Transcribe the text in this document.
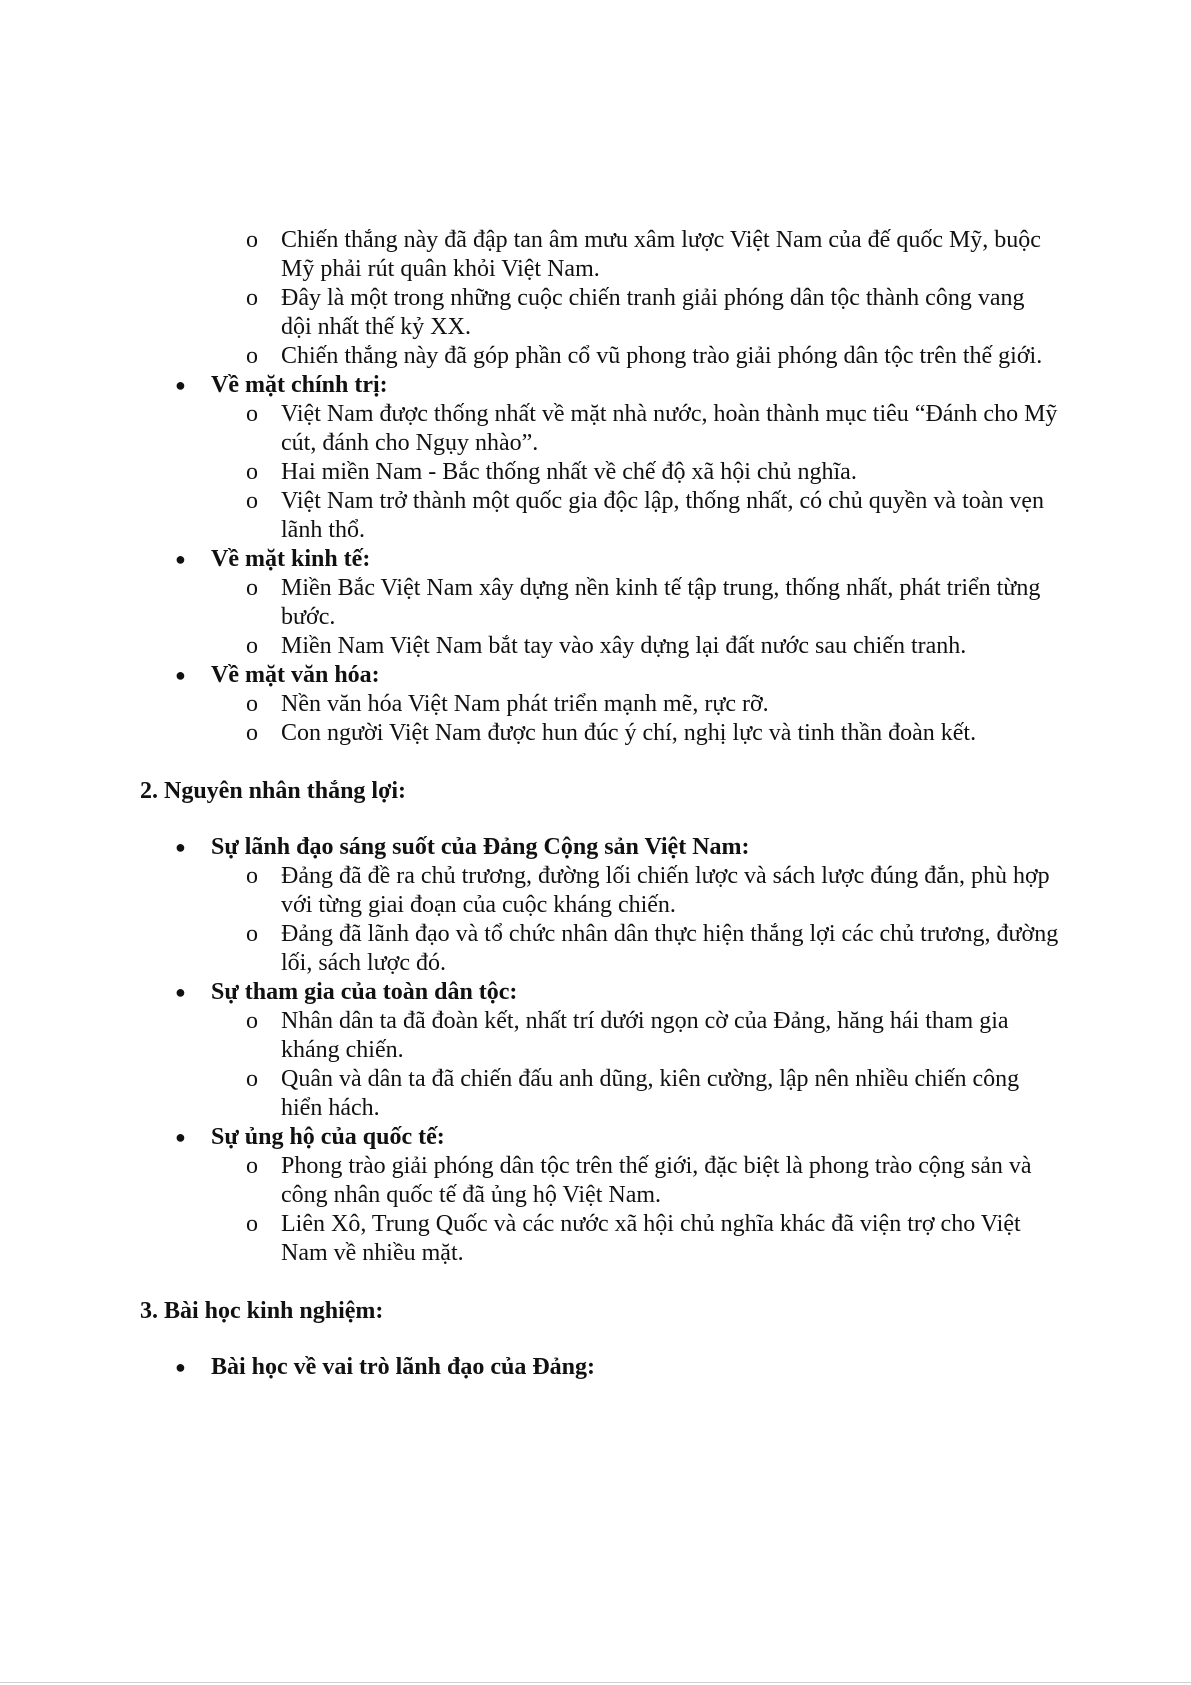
o Chiến thắng này đã đập tan âm mưu xâm lược Việt Nam của đế quốc Mỹ, buộc Mỹ phải rút quân khỏi Việt Nam.
o Đây là một trong những cuộc chiến tranh giải phóng dân tộc thành công vang dội nhất thế kỷ XX.
o Chiến thắng này đã góp phần cổ vũ phong trào giải phóng dân tộc trên thế giới.
● Về mặt chính trị:
o Việt Nam được thống nhất về mặt nhà nước, hoàn thành mục tiêu “Đánh cho Mỹ cút, đánh cho Ngụy nhào”.
o Hai miền Nam - Bắc thống nhất về chế độ xã hội chủ nghĩa.
o Việt Nam trở thành một quốc gia độc lập, thống nhất, có chủ quyền và toàn vẹn lãnh thổ.
● Về mặt kinh tế:
o Miền Bắc Việt Nam xây dựng nền kinh tế tập trung, thống nhất, phát triển từng bước.
o Miền Nam Việt Nam bắt tay vào xây dựng lại đất nước sau chiến tranh.
● Về mặt văn hóa:
o Nền văn hóa Việt Nam phát triển mạnh mẽ, rực rỡ.
o Con người Việt Nam được hun đúc ý chí, nghị lực và tinh thần đoàn kết.
2. Nguyên nhân thắng lợi:
● Sự lãnh đạo sáng suốt của Đảng Cộng sản Việt Nam:
o Đảng đã đề ra chủ trương, đường lối chiến lược và sách lược đúng đắn, phù hợp với từng giai đoạn của cuộc kháng chiến.
o Đảng đã lãnh đạo và tổ chức nhân dân thực hiện thắng lợi các chủ trương, đường lối, sách lược đó.
● Sự tham gia của toàn dân tộc:
o Nhân dân ta đã đoàn kết, nhất trí dưới ngọn cờ của Đảng, hăng hái tham gia kháng chiến.
o Quân và dân ta đã chiến đấu anh dũng, kiên cường, lập nên nhiều chiến công hiển hách.
● Sự ủng hộ của quốc tế:
o Phong trào giải phóng dân tộc trên thế giới, đặc biệt là phong trào cộng sản và công nhân quốc tế đã ủng hộ Việt Nam.
o Liên Xô, Trung Quốc và các nước xã hội chủ nghĩa khác đã viện trợ cho Việt Nam về nhiều mặt.
3. Bài học kinh nghiệm:
● Bài học về vai trò lãnh đạo của Đảng:
